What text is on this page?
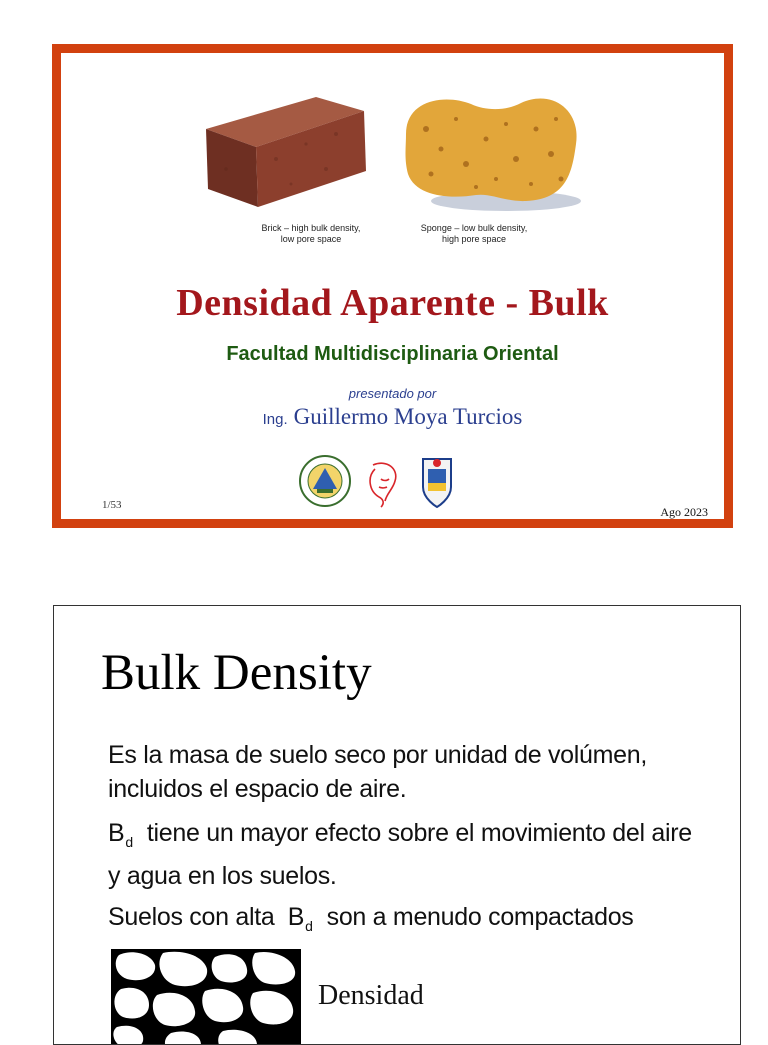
Brick – high bulk density,
low pore space
Sponge – low bulk density,
high pore space
Densidad Aparente - Bulk
Facultad Multidisciplinaria Oriental
presentado por
Ing. Guillermo Moya Turcios
1/53	Ago 2023
Bulk Density
Es la masa de suelo seco por unidad de volúmen,
incluidos el espacio de aire.
$B_d$ tiene un mayor efecto sobre el movimiento del aire
y agua en los suelos.
Suelos con alta $B_d$ son a menudo compactados
Densidad
